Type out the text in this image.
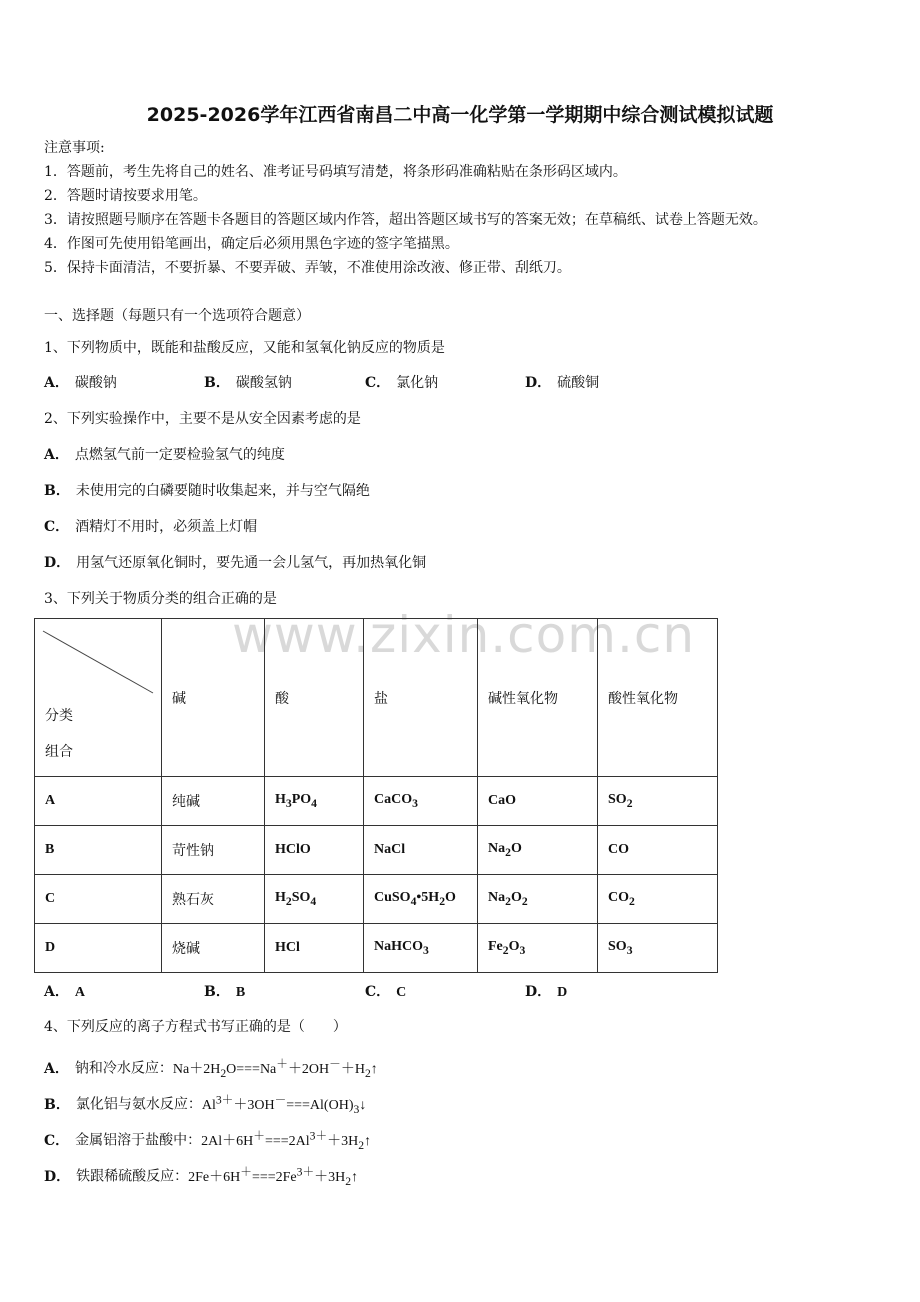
2025-2026学年江西省南昌二中高一化学第一学期期中综合测试模拟试题
注意事项:
1．答题前，考生先将自己的姓名、准考证号码填写清楚，将条形码准确粘贴在条形码区域内。
2．答题时请按要求用笔。
3．请按照题号顺序在答题卡各题目的答题区域内作答，超出答题区域书写的答案无效；在草稿纸、试卷上答题无效。
4．作图可先使用铅笔画出，确定后必须用黑色字迹的签字笔描黑。
5．保持卡面清洁，不要折暴、不要弄破、弄皱，不准使用涂改液、修正带、刮纸刀。
一、选择题（每题只有一个选项符合题意）
1、下列物质中，既能和盐酸反应，又能和氢氧化钠反应的物质是
A． 碳酸钠	B． 碳酸氢钠	C． 氯化钠	D． 硫酸铜
2、下列实验操作中，主要不是从安全因素考虑的是
A． 点燃氢气前一定要检验氢气的纯度
B． 未使用完的白磷要随时收集起来，并与空气隔绝
C． 酒精灯不用时，必须盖上灯帽
D． 用氢气还原氧化铜时，要先通一会儿氢气，再加热氧化铜
3、下列关于物质分类的组合正确的是
www.zixin.com.cn
分类
组合	碱	酸	盐	碱性氧化物	酸性氧化物
A	纯碱	$H_3PO_4$	CaCO$_3$	CaO	$SO_2$
B	苛性钠	HClO	NaCl	$Na_2O$	CO
C	熟石灰	$H_2SO_4$	$CuSO_4•5H_2O$	$Na_2O_2$	$CO_2$
D	烧碱	HCl	NaHCO$_3$	$Fe_2O_3$	$SO_3$
A． A	B． B	C． C	D． D
4、下列反应的离子方程式书写正确的是（　　）
A． 钠和冷水反应：$Na+2H_2O===Na^++2OH^-+H_2↑$
B． 氯化铝与氨水反应：$Al^{3+}+3OH^-===Al(OH)_3↓$
C． 金属铝溶于盐酸中：$2Al+6H^+===2Al^{3+}+3H_2↑$
D． 铁跟稀硫酸反应：$2Fe+6H^+===2Fe^{3+}+3H_2↑$
